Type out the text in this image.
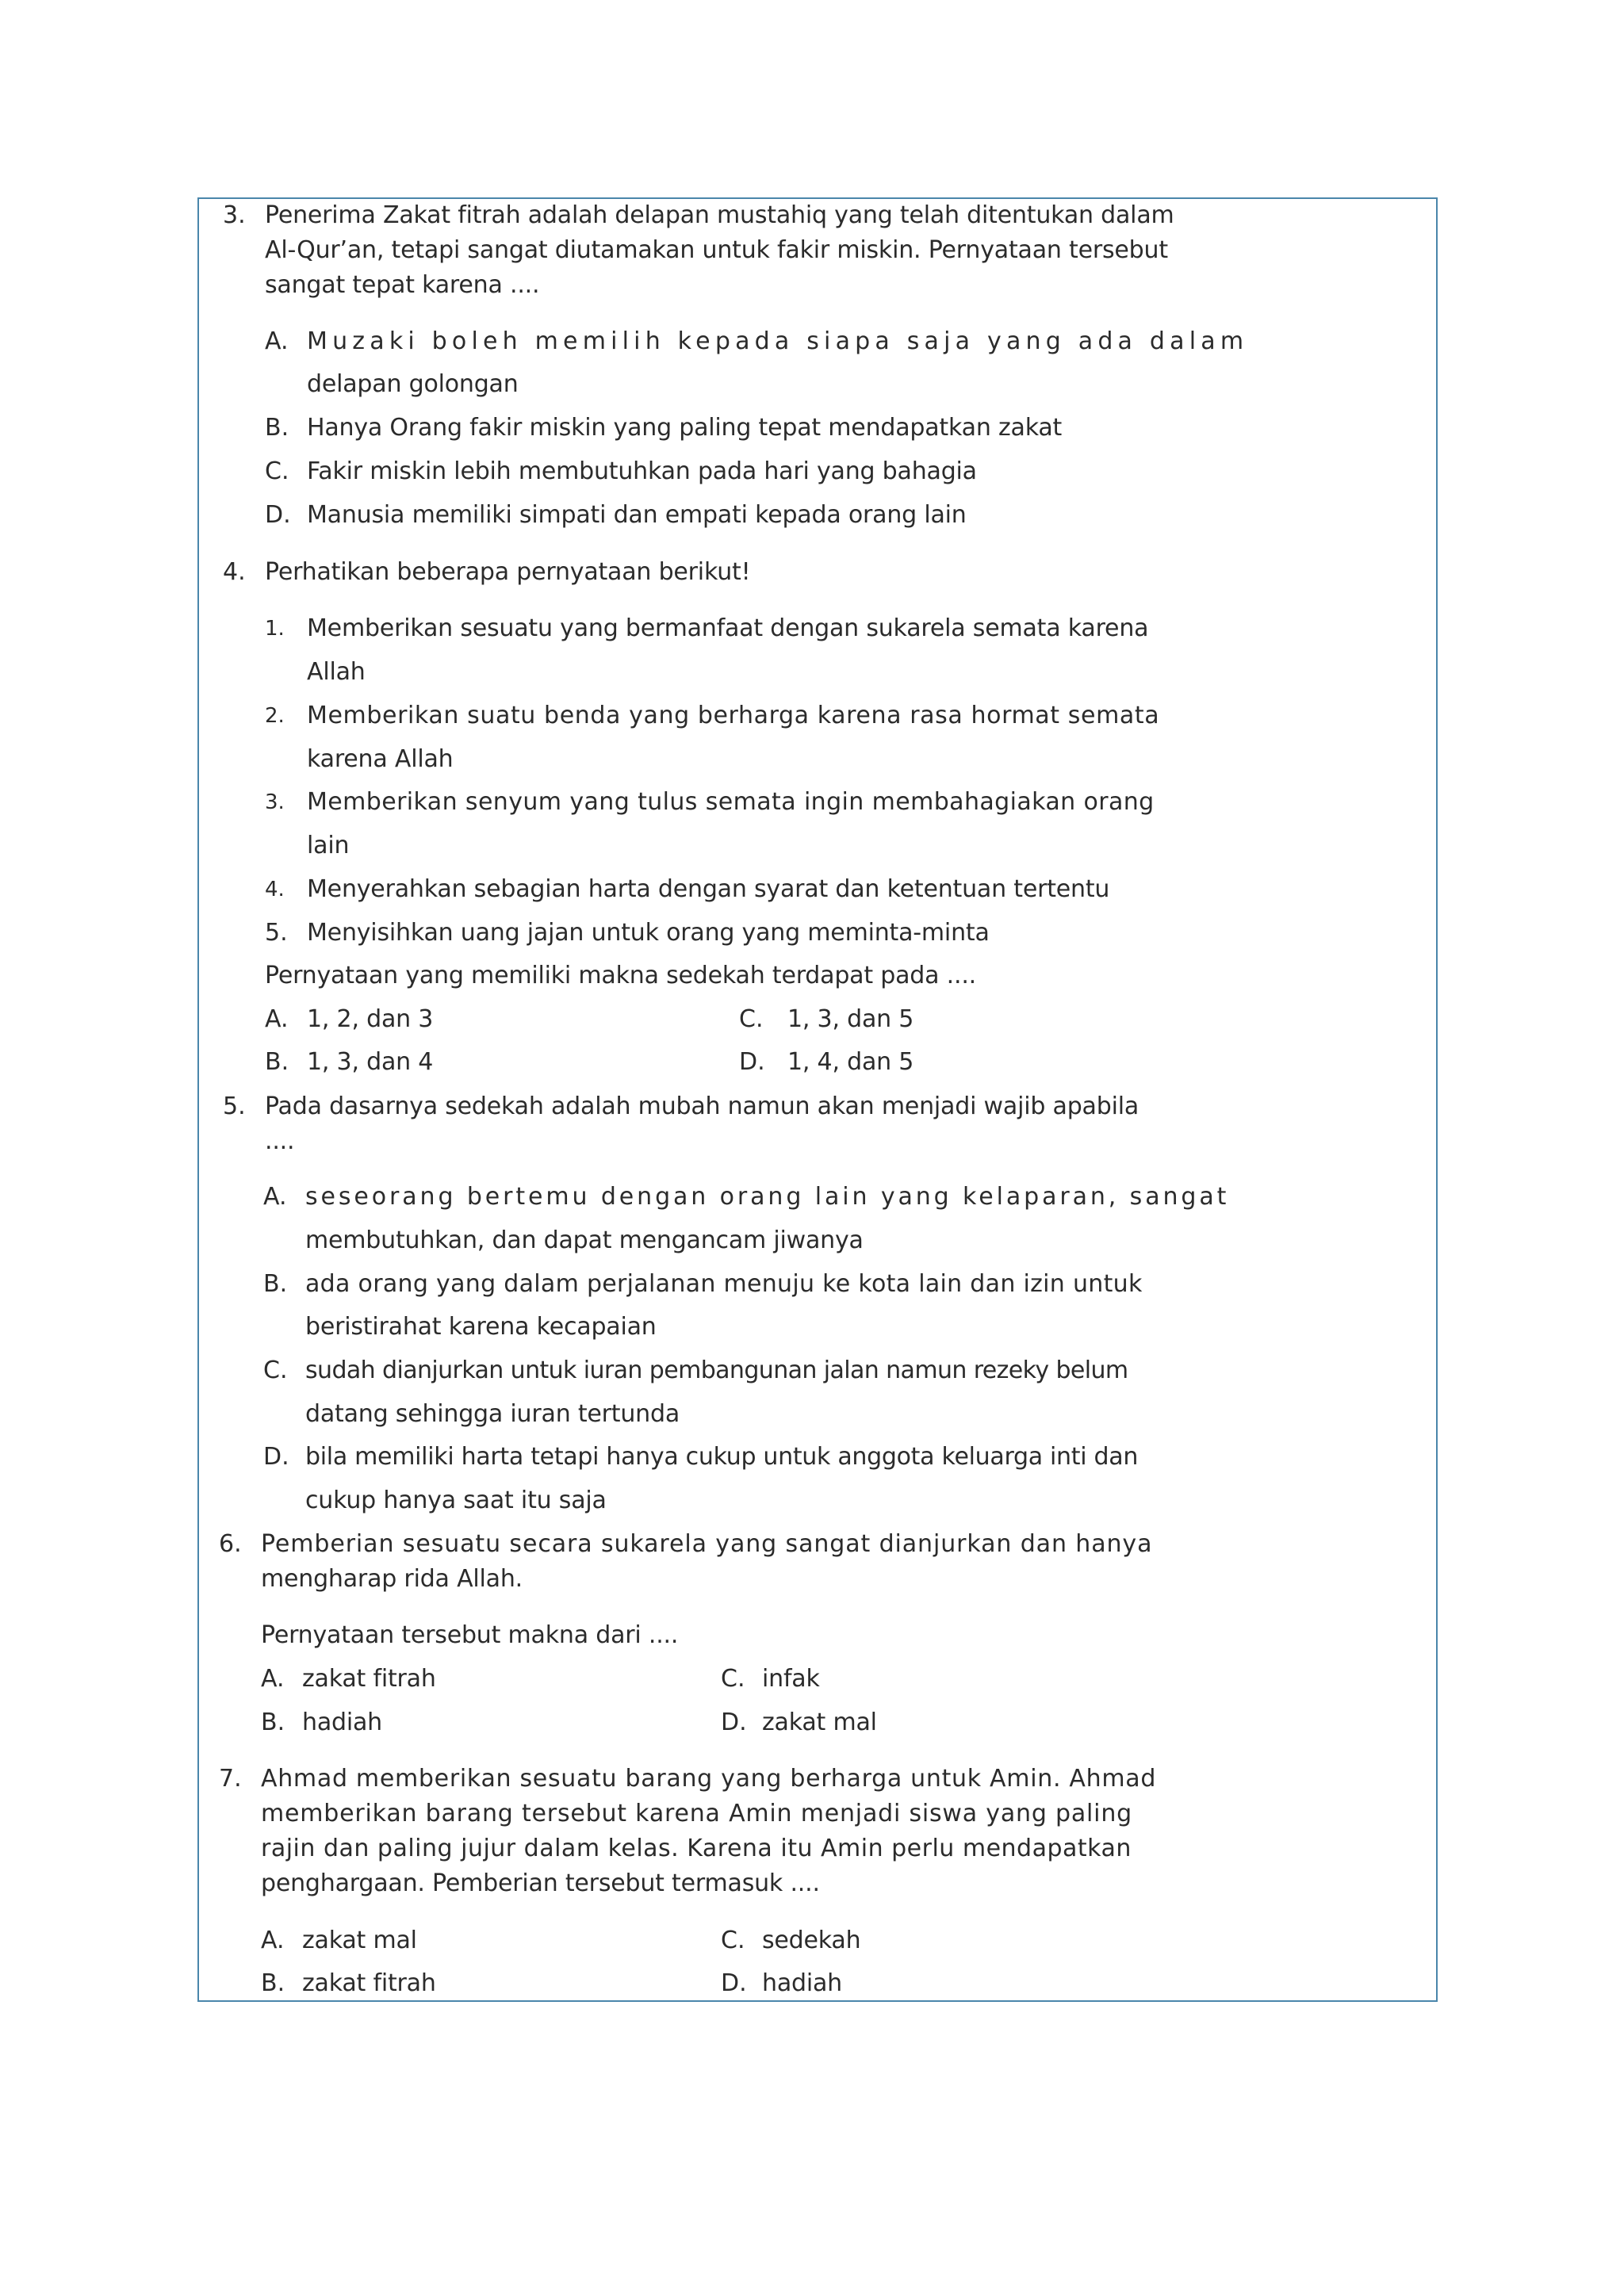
3. Penerima Zakat fitrah adalah delapan mustahiq yang telah ditentukan dalam
Al-Qur’an, tetapi sangat diutamakan untuk fakir miskin. Pernyataan tersebut
sangat tepat karena ....
A. Muzaki boleh memilih kepada siapa saja yang ada dalam
delapan golongan
B. Hanya Orang fakir miskin yang paling tepat mendapatkan zakat
C. Fakir miskin lebih membutuhkan pada hari yang bahagia
D. Manusia memiliki simpati dan empati kepada orang lain
4. Perhatikan beberapa pernyataan berikut!
1. Memberikan sesuatu yang bermanfaat dengan sukarela semata karena
Allah
2. Memberikan suatu benda yang berharga karena rasa hormat semata
karena Allah
3. Memberikan senyum yang tulus semata ingin membahagiakan orang
lain
4. Menyerahkan sebagian harta dengan syarat dan ketentuan tertentu
5. Menyisihkan uang jajan untuk orang yang meminta-minta
Pernyataan yang memiliki makna sedekah terdapat pada ....
A. 1, 2, dan 3
B. 1, 3, dan 4
C. 1, 3, dan 5
D. 1, 4, dan 5
5. Pada dasarnya sedekah adalah mubah namun akan menjadi wajib apabila
....
A. seseorang bertemu dengan orang lain yang kelaparan, sangat
membutuhkan, dan dapat mengancam jiwanya
B. ada orang yang dalam perjalanan menuju ke kota lain dan izin untuk
beristirahat karena kecapaian
C. sudah dianjurkan untuk iuran pembangunan jalan namun rezeky belum
datang sehingga iuran tertunda
D. bila memiliki harta tetapi hanya cukup untuk anggota keluarga inti dan
cukup hanya saat itu saja
6. Pemberian sesuatu secara sukarela yang sangat dianjurkan dan hanya
mengharap rida Allah.
Pernyataan tersebut makna dari ....
A. zakat fitrah
B. hadiah
C. infak
D. zakat mal
7. Ahmad memberikan sesuatu barang yang berharga untuk Amin. Ahmad
memberikan barang tersebut karena Amin menjadi siswa yang paling
rajin dan paling jujur dalam kelas. Karena itu Amin perlu mendapatkan
penghargaan. Pemberian tersebut termasuk ....
A. zakat mal
B. zakat fitrah
C. sedekah
D. hadiah
